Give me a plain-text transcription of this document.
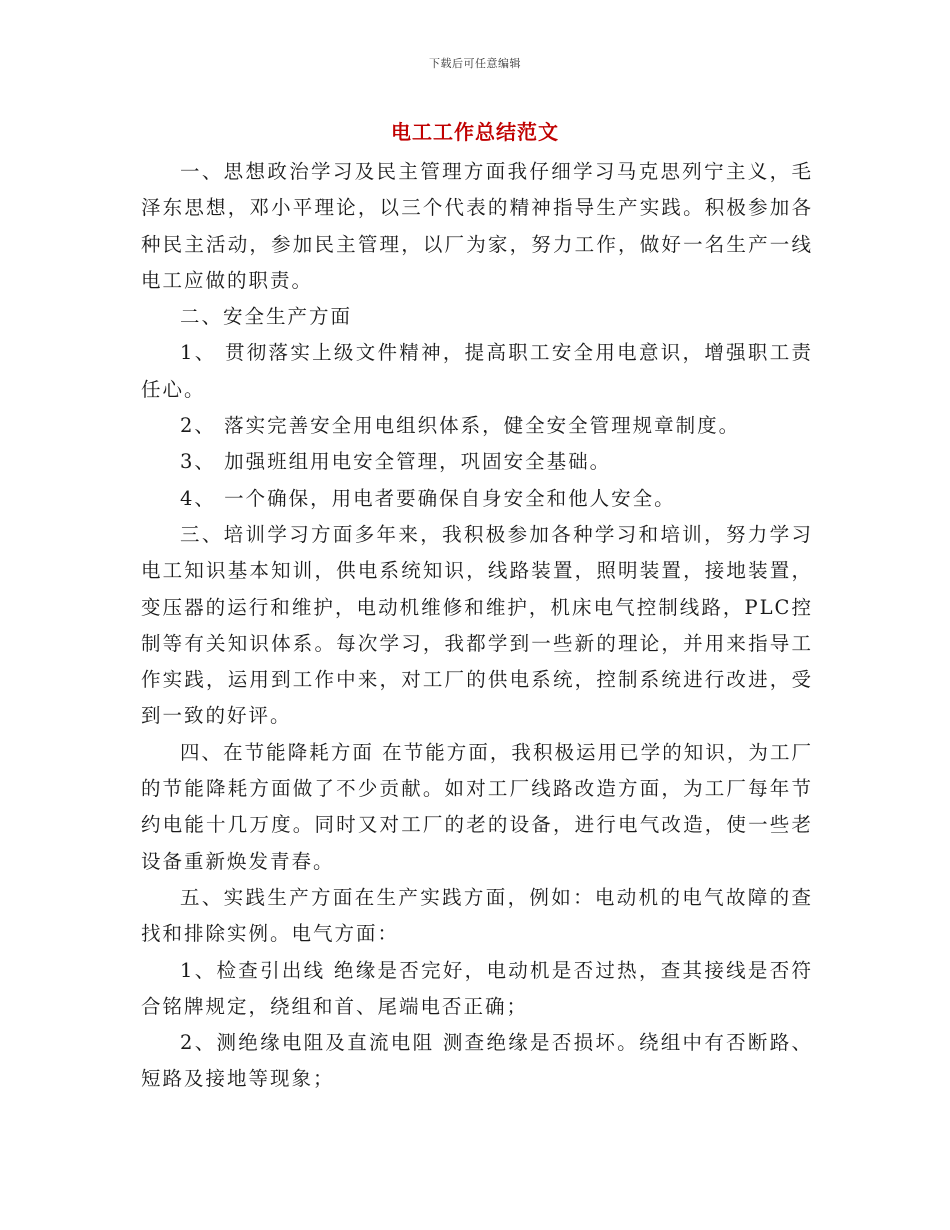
下载后可任意编辑
电工工作总结范文

一、思想政治学习及民主管理方面我仔细学习马克思列宁主义，毛泽东思想，邓小平理论，以三个代表的精神指导生产实践。积极参加各种民主活动，参加民主管理，以厂为家，努力工作，做好一名生产一线电工应做的职责。

二、安全生产方面

1、 贯彻落实上级文件精神，提高职工安全用电意识，增强职工责任心。

2、 落实完善安全用电组织体系，健全安全管理规章制度。

3、 加强班组用电安全管理，巩固安全基础。

4、 一个确保，用电者要确保自身安全和他人安全。

三、培训学习方面多年来，我积极参加各种学习和培训，努力学习电工知识基本知训，供电系统知识，线路装置，照明装置，接地装置，变压器的运行和维护，电动机维修和维护，机床电气控制线路，PLC控制等有关知识体系。每次学习，我都学到一些新的理论，并用来指导工作实践，运用到工作中来，对工厂的供电系统，控制系统进行改进，受到一致的好评。

四、在节能降耗方面 在节能方面，我积极运用已学的知识，为工厂的节能降耗方面做了不少贡献。如对工厂线路改造方面，为工厂每年节约电能十几万度。同时又对工厂的老的设备，进行电气改造，使一些老设备重新焕发青春。

五、实践生产方面在生产实践方面，例如：电动机的电气故障的查找和排除实例。电气方面：

1、检查引出线 绝缘是否完好，电动机是否过热，查其接线是否符合铭牌规定，绕组和首、尾端电否正确；

2、测绝缘电阻及直流电阻 测查绝缘是否损坏。绕组中有否断路、短路及接地等现象；
